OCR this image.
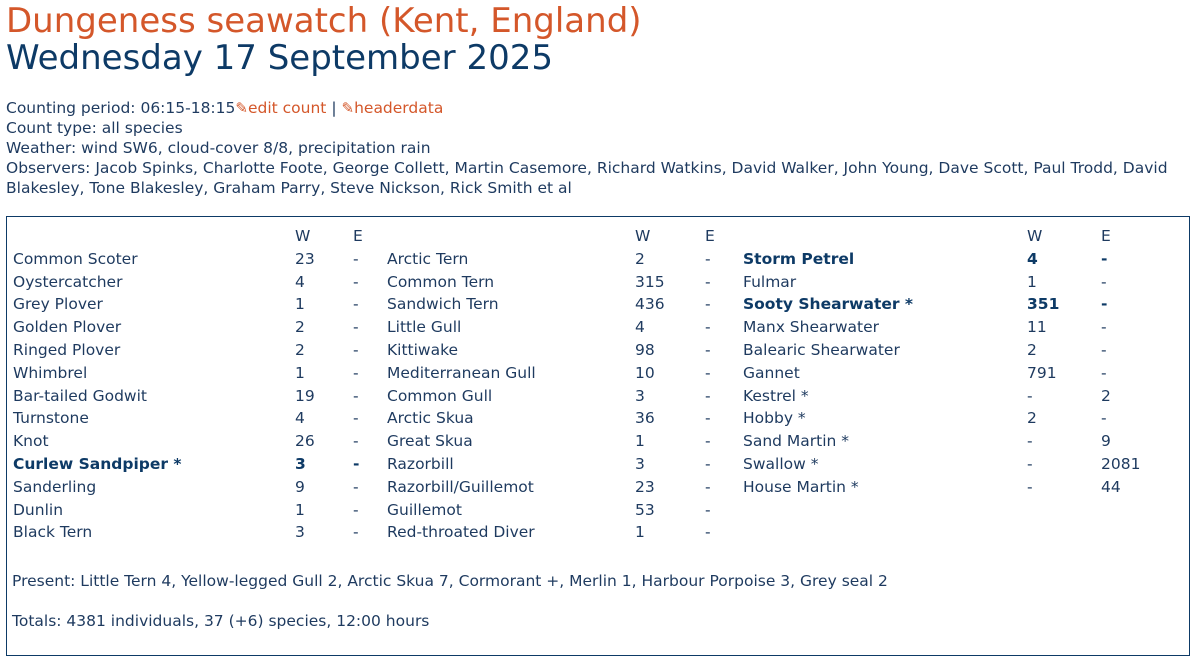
Dungeness seawatch (Kent, England)
Wednesday 17 September 2025
Counting period: 06:15-18:15✎edit count | ✎headerdata
Count type: all species
Weather: wind SW6, cloud-cover 8/8, precipitation rain
Observers: Jacob Spinks, Charlotte Foote, George Collett, Martin Casemore, Richard Watkins, David Walker, John Young, Dave Scott, Paul Trodd, David Blakesley, Tone Blakesley, Graham Parry, Steve Nickson, Rick Smith et al
W	E
Common Scoter	23 -
Oystercatcher	4	-
Grey Plover	1	-
Golden Plover	2	-
Ringed Plover	2	-
Whimbrel	1	-
Bar-tailed Godwit	19 -
Turnstone	4	-
Knot	26 -
Curlew Sandpiper *	3	-
Sanderling	9	-
Dunlin	1	-
Black Tern	3	-
W	E
Arctic Tern	2	-
Common Tern	315	-
Sandwich Tern	436	-
Little Gull	4	-
Kittiwake	98	-
Mediterranean Gull	10	-
Common Gull	3	-
Arctic Skua	36	-
Great Skua	1	-
Razorbill	3	-
Razorbill/Guillemot	23	-
Guillemot	53	-
Red-throated Diver	1	-
W	E
Storm Petrel	4	-
Fulmar	1	-
Sooty Shearwater *	351	-
Manx Shearwater	11	-
Balearic Shearwater	2	-
Gannet	791	-
Kestrel *	-	2
Hobby *	2	-
Sand Martin *	-	9
Swallow *	-	2081
House Martin *	-	44
Present: Little Tern 4, Yellow-legged Gull 2, Arctic Skua 7, Cormorant +, Merlin 1, Harbour Porpoise 3, Grey seal 2
Totals: 4381 individuals, 37 (+6) species, 12:00 hours
